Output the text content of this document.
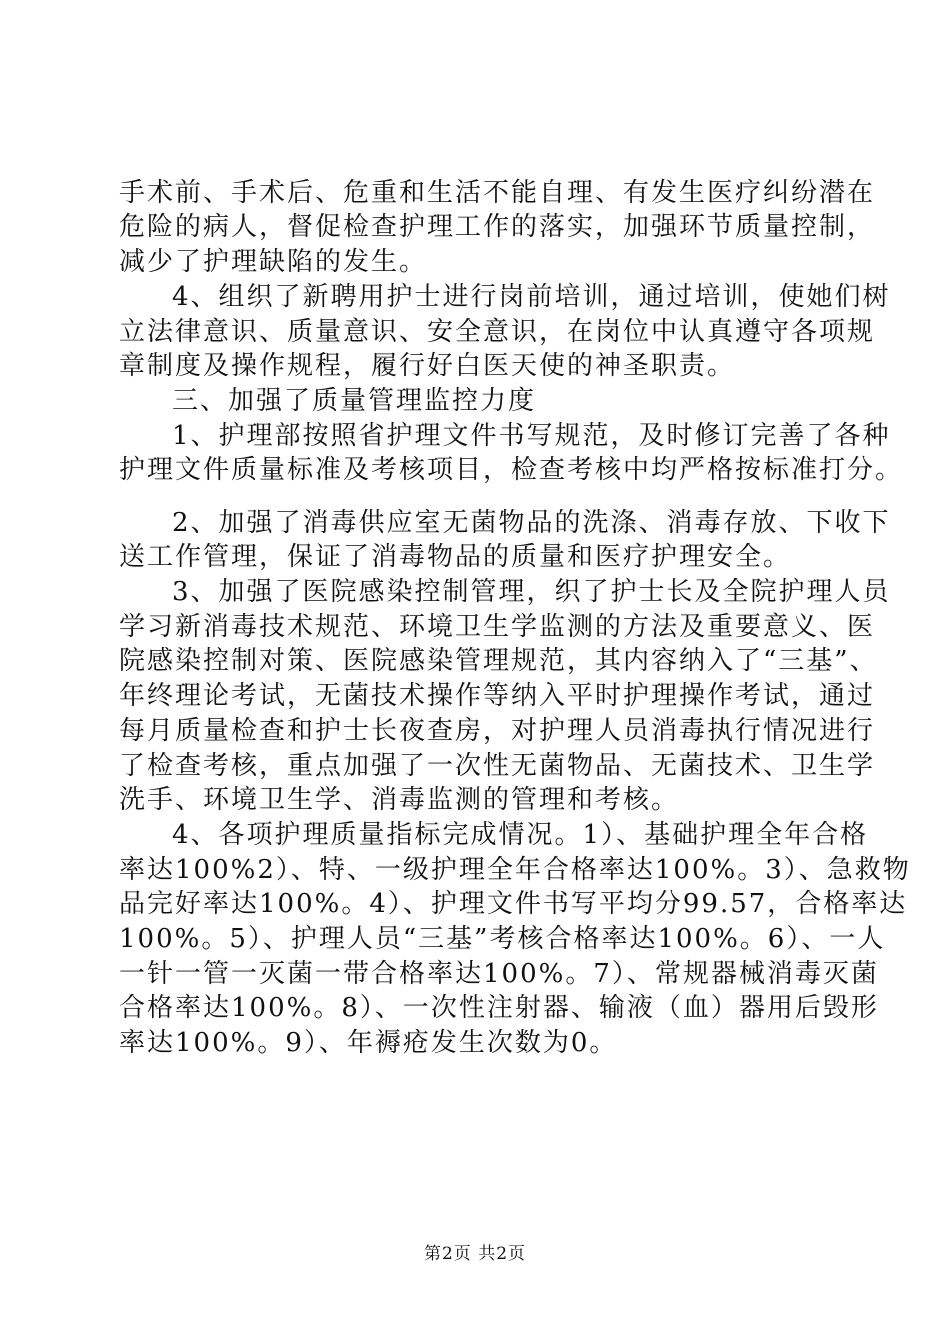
手术前、手术后、危重和生活不能自理、有发生医疗纠纷潜在
危险的病人，督促检查护理工作的落实，加强环节质量控制，
减少了护理缺陷的发生。
4、组织了新聘用护士进行岗前培训，通过培训，使她们树
立法律意识、质量意识、安全意识，在岗位中认真遵守各项规
章制度及操作规程，履行好白医天使的神圣职责。
三、加强了质量管理监控力度
1、护理部按照省护理文件书写规范，及时修订完善了各种
护理文件质量标准及考核项目，检查考核中均严格按标准打分。
2、加强了消毒供应室无菌物品的洗涤、消毒存放、下收下
送工作管理，保证了消毒物品的质量和医疗护理安全。
3、加强了医院感染控制管理，织了护士长及全院护理人员
学习新消毒技术规范、环境卫生学监测的方法及重要意义、医
院感染控制对策、医院感染管理规范，其内容纳入了“三基”、
年终理论考试，无菌技术操作等纳入平时护理操作考试，通过
每月质量检查和护士长夜查房，对护理人员消毒执行情况进行
了检查考核，重点加强了一次性无菌物品、无菌技术、卫生学
洗手、环境卫生学、消毒监测的管理和考核。
4、各项护理质量指标完成情况。1）、基础护理全年合格
率达100%2）、特、一级护理全年合格率达100%。3）、急救物
品完好率达100%。4）、护理文件书写平均分99.57，合格率达
100%。5）、护理人员“三基”考核合格率达100%。6）、一人
一针一管一灭菌一带合格率达100%。7）、常规器械消毒灭菌
合格率达100%。8）、一次性注射器、输液（血）器用后毁形
率达100%。9）、年褥疮发生次数为0。
第2页 共2页
